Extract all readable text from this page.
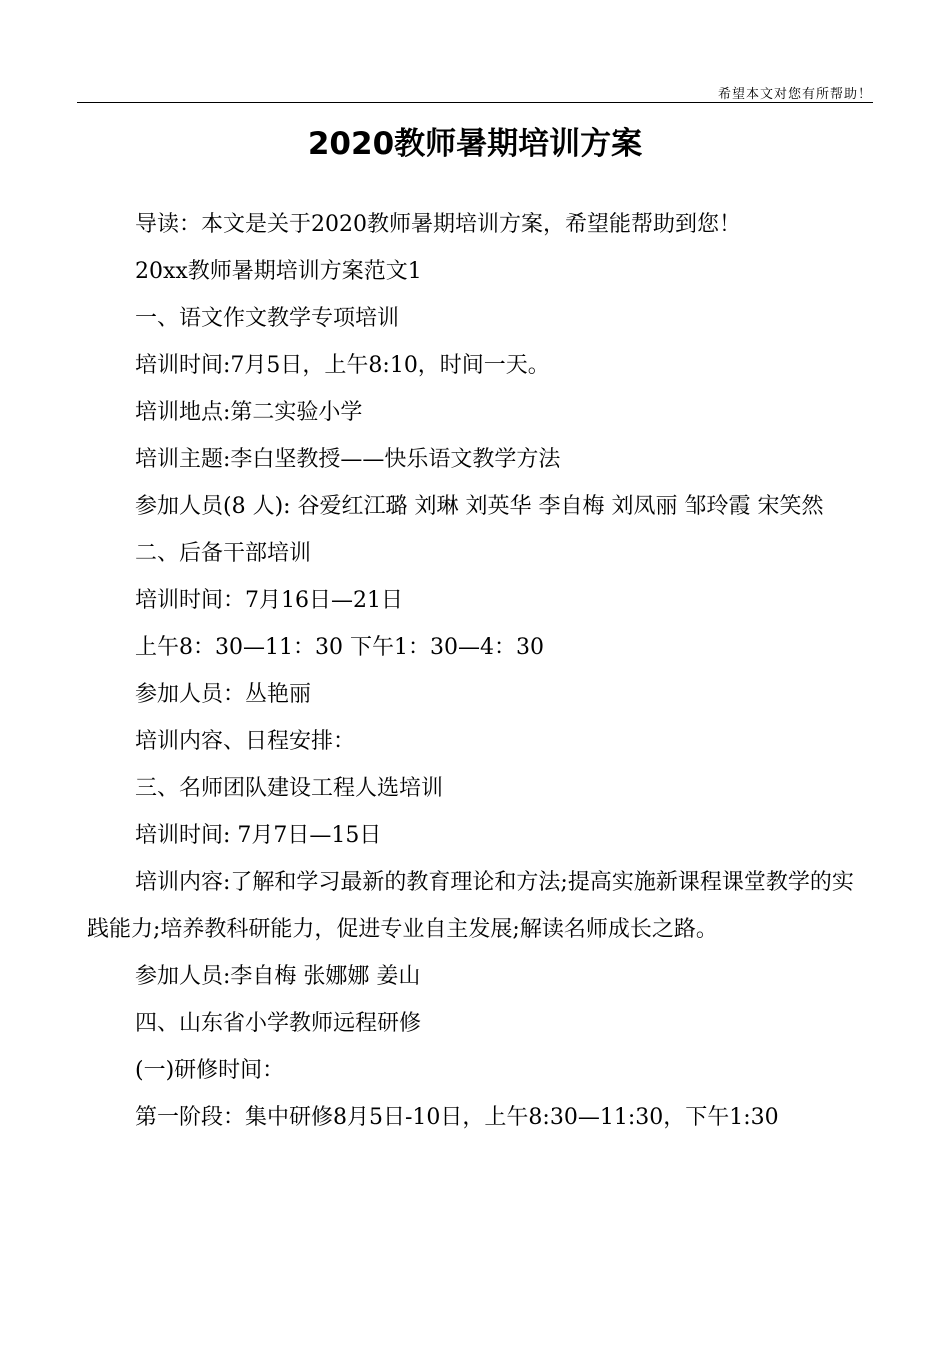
希望本文对您有所帮助！
2020教师暑期培训方案

导读：本文是关于2020教师暑期培训方案，希望能帮助到您！

20xx教师暑期培训方案范文1

一、语文作文教学专项培训

培训时间:7月5日，上午8:10，时间一天。

培训地点:第二实验小学

培训主题:李白坚教授——快乐语文教学方法

参加人员(8 人): 谷爱红江璐 刘琳 刘英华 李自梅 刘凤丽 邹玲霞 宋笑然

二、后备干部培训

培训时间：7月16日—21日

上午8：30—11：30 下午1：30—4：30

参加人员：丛艳丽

培训内容、日程安排：

三、名师团队建设工程人选培训

培训时间: 7月7日—15日

培训内容:了解和学习最新的教育理论和方法;提高实施新课程课堂教学的实践能力;培养教科研能力，促进专业自主发展;解读名师成长之路。

参加人员:李自梅 张娜娜 姜山

四、山东省小学教师远程研修

(一)研修时间：

第一阶段：集中研修8月5日-10日，上午8:30—11:30，下午1:30
